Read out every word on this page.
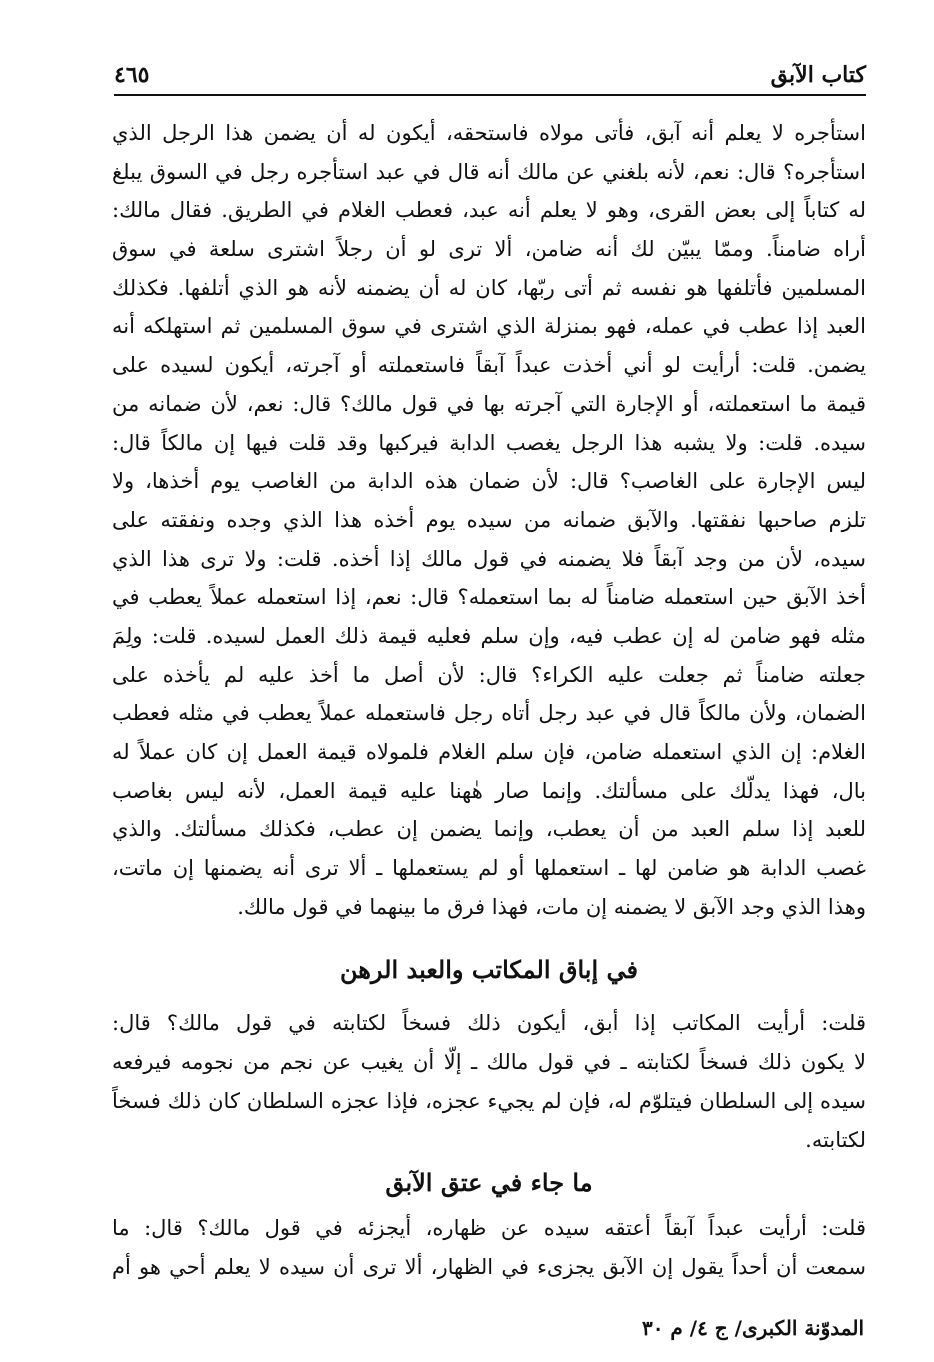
كتاب الآبق
٤٦٥
استأجره لا يعلم أنه آبق، فأتى مولاه فاستحقه، أيكون له أن يضمن هذا الرجل الذي
استأجره؟ قال: نعم، لأنه بلغني عن مالك أنه قال في عبد استأجره رجل في السوق يبلغ
له كتاباً إلى بعض القرى، وهو لا يعلم أنه عبد، فعطب الغلام في الطريق. فقال مالك:
أراه ضامناً. وممّا يبيّن لك أنه ضامن، ألا ترى لو أن رجلاً اشترى سلعة في سوق
المسلمين فأتلفها هو نفسه ثم أتى ربّها، كان له أن يضمنه لأنه هو الذي أتلفها. فكذلك
العبد إذا عطب في عمله، فهو بمنزلة الذي اشترى في سوق المسلمين ثم استهلكه أنه
يضمن. قلت: أرأيت لو أني أخذت عبداً آبقاً فاستعملته أو آجرته، أيكون لسيده على
قيمة ما استعملته، أو الإجارة التي آجرته بها في قول مالك؟ قال: نعم، لأن ضمانه من
سيده. قلت: ولا يشبه هذا الرجل يغصب الدابة فيركبها وقد قلت فيها إن مالكاً قال:
ليس الإجارة على الغاصب؟ قال: لأن ضمان هذه الدابة من الغاصب يوم أخذها، ولا
تلزم صاحبها نفقتها. والآبق ضمانه من سيده يوم أخذه هذا الذي وجده ونفقته على
سيده، لأن من وجد آبقاً فلا يضمنه في قول مالك إذا أخذه. قلت: ولا ترى هذا الذي
أخذ الآبق حين استعمله ضامناً له بما استعمله؟ قال: نعم، إذا استعمله عملاً يعطب في
مثله فهو ضامن له إن عطب فيه، وإن سلم فعليه قيمة ذلك العمل لسيده. قلت: ولِمَ
جعلته ضامناً ثم جعلت عليه الكراء؟ قال: لأن أصل ما أخذ عليه لم يأخذه على
الضمان، ولأن مالكاً قال في عبد رجل أتاه رجل فاستعمله عملاً يعطب في مثله فعطب
الغلام: إن الذي استعمله ضامن، فإن سلم الغلام فلمولاه قيمة العمل إن كان عملاً له
بال، فهذا يدلّك على مسألتك. وإنما صار هٰهنا عليه قيمة العمل، لأنه ليس بغاصب
للعبد إذا سلم العبد من أن يعطب، وإنما يضمن إن عطب، فكذلك مسألتك. والذي
غصب الدابة هو ضامن لها ـ استعملها أو لم يستعملها ـ ألا ترى أنه يضمنها إن ماتت،
وهذا الذي وجد الآبق لا يضمنه إن مات، فهذا فرق ما بينهما في قول مالك.
في إباق المكاتب والعبد الرهن
قلت: أرأيت المكاتب إذا أبق، أيكون ذلك فسخاً لكتابته في قول مالك؟ قال:
لا يكون ذلك فسخاً لكتابته ـ في قول مالك ـ إلّا أن يغيب عن نجم من نجومه فيرفعه
سيده إلى السلطان فيتلوّم له، فإن لم يجيء عجزه، فإذا عجزه السلطان كان ذلك فسخاً
لكتابته.
ما جاء في عتق الآبق
قلت: أرأيت عبداً آبقاً أعتقه سيده عن ظهاره، أيجزئه في قول مالك؟ قال: ما
سمعت أن أحداً يقول إن الآبق يجزىء في الظهار، ألا ترى أن سيده لا يعلم أحي هو أم
المدوّنة الكبرى/ ج ٤/ م ٣٠
